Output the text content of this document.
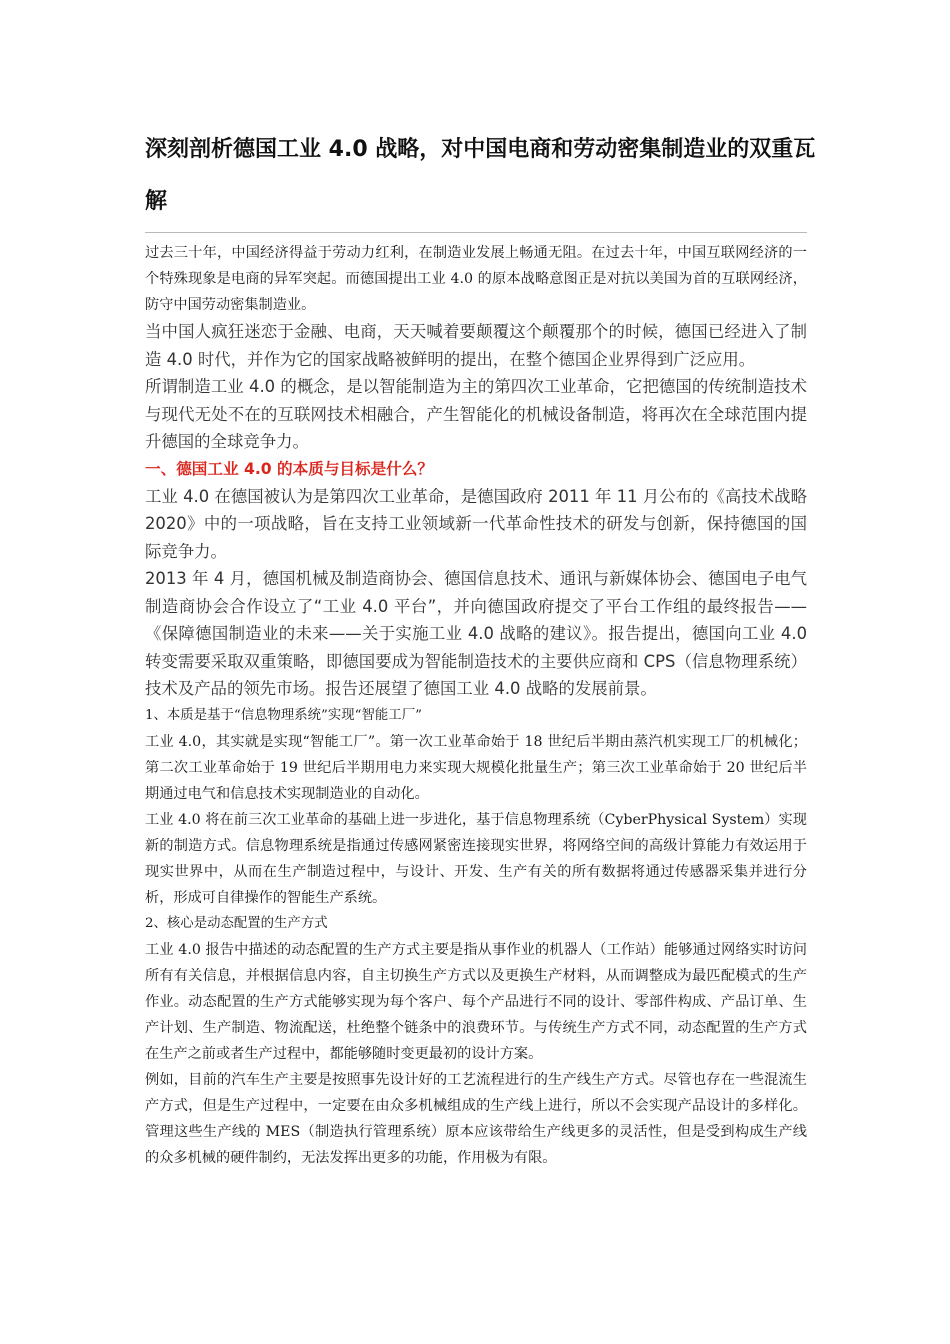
深刻剖析德国工业 4.0 战略，对中国电商和劳动密集制造业的双重瓦解

过去三十年，中国经济得益于劳动力红利，在制造业发展上畅通无阻。在过去十年，中国互联网经济的一个特殊现象是电商的异军突起。而德国提出工业 4.0 的原本战略意图正是对抗以美国为首的互联网经济，防守中国劳动密集制造业。

当中国人疯狂迷恋于金融、电商，天天喊着要颠覆这个颠覆那个的时候，德国已经进入了制造 4.0 时代，并作为它的国家战略被鲜明的提出，在整个德国企业界得到广泛应用。

所谓制造工业 4.0 的概念，是以智能制造为主的第四次工业革命，它把德国的传统制造技术与现代无处不在的互联网技术相融合，产生智能化的机械设备制造，将再次在全球范围内提升德国的全球竞争力。

一、德国工业 4.0 的本质与目标是什么？

工业 4.0 在德国被认为是第四次工业革命，是德国政府 2011 年 11 月公布的《高技术战略 2020》中的一项战略，旨在支持工业领域新一代革命性技术的研发与创新，保持德国的国际竞争力。

2013 年 4 月，德国机械及制造商协会、德国信息技术、通讯与新媒体协会、德国电子电气制造商协会合作设立了“工业 4.0 平台”，并向德国政府提交了平台工作组的最终报告——《保障德国制造业的未来——关于实施工业 4.0 战略的建议》。报告提出，德国向工业 4.0 转变需要采取双重策略，即德国要成为智能制造技术的主要供应商和 CPS（信息物理系统）技术及产品的领先市场。报告还展望了德国工业 4.0 战略的发展前景。

1、本质是基于“信息物理系统”实现“智能工厂”

工业 4.0，其实就是实现“智能工厂”。第一次工业革命始于 18 世纪后半期由蒸汽机实现工厂的机械化；第二次工业革命始于 19 世纪后半期用电力来实现大规模化批量生产；第三次工业革命始于 20 世纪后半期通过电气和信息技术实现制造业的自动化。

工业 4.0 将在前三次工业革命的基础上进一步进化，基于信息物理系统（CyberPhysical System）实现新的制造方式。信息物理系统是指通过传感网紧密连接现实世界，将网络空间的高级计算能力有效运用于现实世界中，从而在生产制造过程中，与设计、开发、生产有关的所有数据将通过传感器采集并进行分析，形成可自律操作的智能生产系统。

2、核心是动态配置的生产方式

工业 4.0 报告中描述的动态配置的生产方式主要是指从事作业的机器人（工作站）能够通过网络实时访问所有有关信息，并根据信息内容，自主切换生产方式以及更换生产材料，从而调整成为最匹配模式的生产作业。动态配置的生产方式能够实现为每个客户、每个产品进行不同的设计、零部件构成、产品订单、生产计划、生产制造、物流配送，杜绝整个链条中的浪费环节。与传统生产方式不同，动态配置的生产方式在生产之前或者生产过程中，都能够随时变更最初的设计方案。

例如，目前的汽车生产主要是按照事先设计好的工艺流程进行的生产线生产方式。尽管也存在一些混流生产方式，但是生产过程中，一定要在由众多机械组成的生产线上进行，所以不会实现产品设计的多样化。管理这些生产线的 MES（制造执行管理系统）原本应该带给生产线更多的灵活性，但是受到构成生产线的众多机械的硬件制约，无法发挥出更多的功能，作用极为有限。
